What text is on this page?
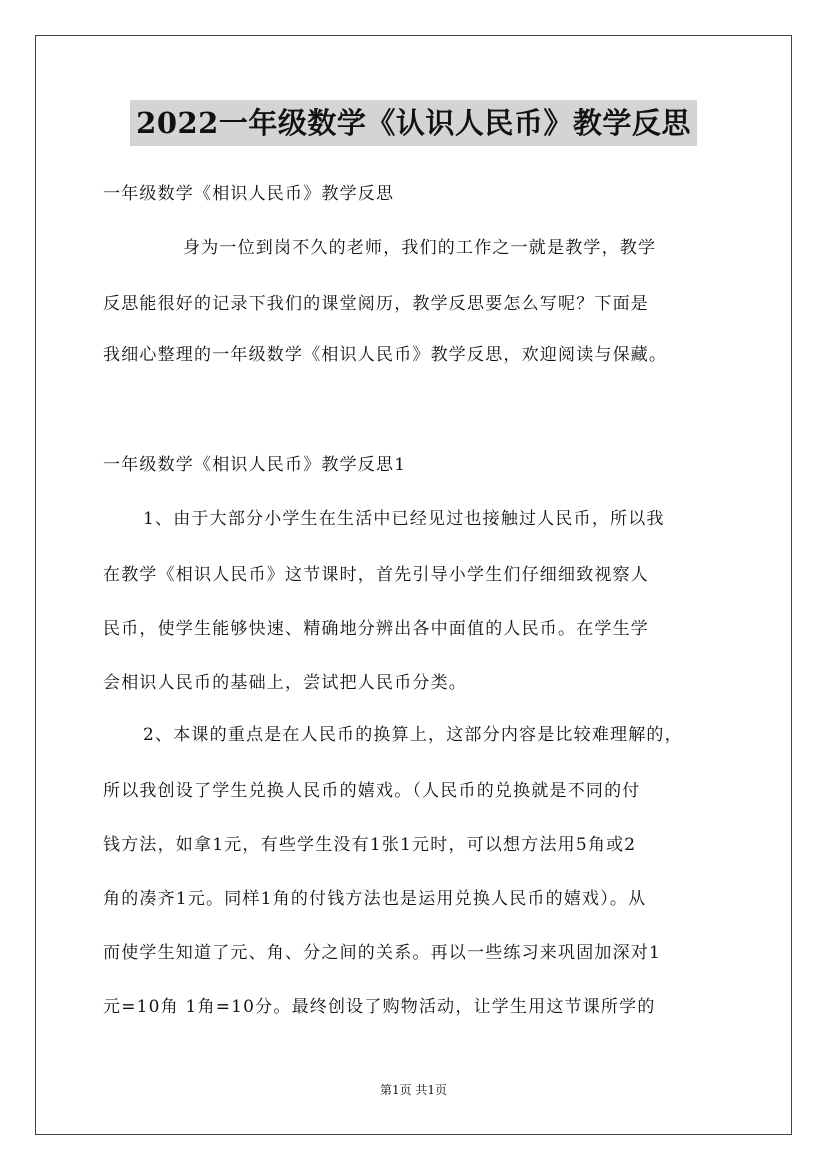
2022一年级数学《认识人民币》教学反思
一年级数学《相识人民币》教学反思
身为一位到岗不久的老师，我们的工作之一就是教学，教学
反思能很好的记录下我们的课堂阅历，教学反思要怎么写呢？下面是
我细心整理的一年级数学《相识人民币》教学反思，欢迎阅读与保藏。
一年级数学《相识人民币》教学反思1
1、由于大部分小学生在生活中已经见过也接触过人民币，所以我
在教学《相识人民币》这节课时，首先引导小学生们仔细细致视察人
民币，使学生能够快速、精确地分辨出各中面值的人民币。在学生学
会相识人民币的基础上，尝试把人民币分类。
2、本课的重点是在人民币的换算上，这部分内容是比较难理解的，
所以我创设了学生兑换人民币的嬉戏。（人民币的兑换就是不同的付
钱方法，如拿1元，有些学生没有1张1元时，可以想方法用5角或2
角的凑齐1元。同样1角的付钱方法也是运用兑换人民币的嬉戏）。从
而使学生知道了元、角、分之间的关系。再以一些练习来巩固加深对1
元=10角 1角=10分。最终创设了购物活动，让学生用这节课所学的
第1页 共1页
